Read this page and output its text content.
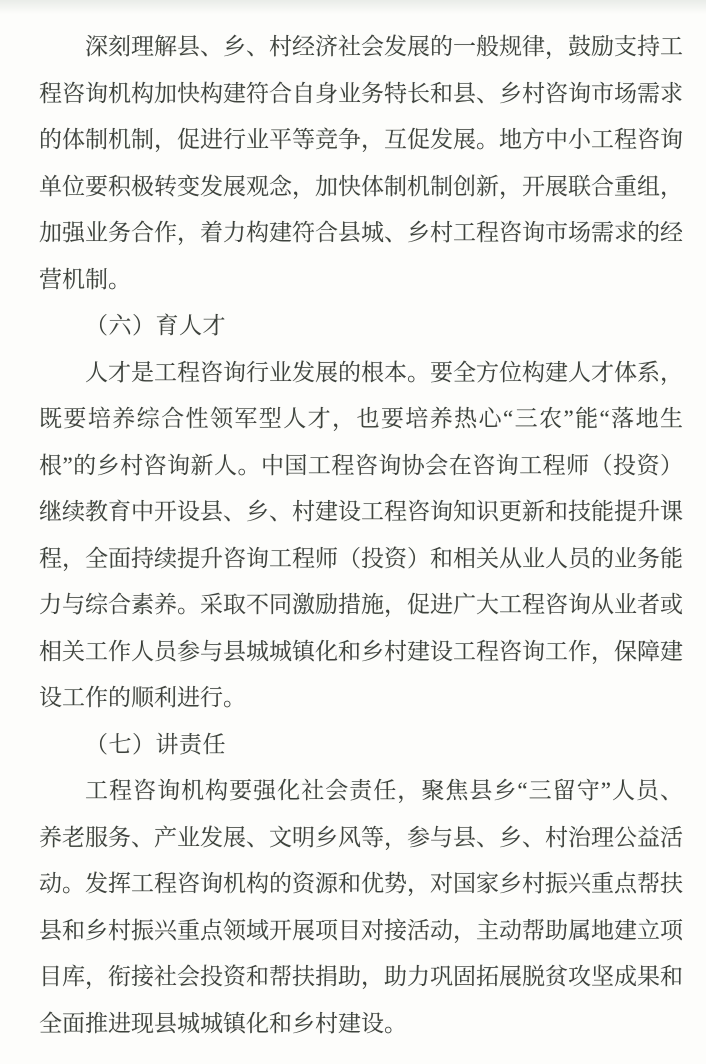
深刻理解县、乡、村经济社会发展的一般规律，鼓励支持工
程咨询机构加快构建符合自身业务特长和县、乡村咨询市场需求
的体制机制，促进行业平等竞争，互促发展。地方中小工程咨询
单位要积极转变发展观念，加快体制机制创新，开展联合重组，
加强业务合作，着力构建符合县城、乡村工程咨询市场需求的经
营机制。
（六）育人才
人才是工程咨询行业发展的根本。要全方位构建人才体系，
既要培养综合性领军型人才，也要培养热心“三农”能“落地生
根”的乡村咨询新人。中国工程咨询协会在咨询工程师（投资）
继续教育中开设县、乡、村建设工程咨询知识更新和技能提升课
程，全面持续提升咨询工程师（投资）和相关从业人员的业务能
力与综合素养。采取不同激励措施，促进广大工程咨询从业者或
相关工作人员参与县城城镇化和乡村建设工程咨询工作，保障建
设工作的顺利进行。
（七）讲责任
工程咨询机构要强化社会责任，聚焦县乡“三留守”人员、
养老服务、产业发展、文明乡风等，参与县、乡、村治理公益活
动。发挥工程咨询机构的资源和优势，对国家乡村振兴重点帮扶
县和乡村振兴重点领域开展项目对接活动，主动帮助属地建立项
目库，衔接社会投资和帮扶捐助，助力巩固拓展脱贫攻坚成果和
全面推进现县城城镇化和乡村建设。
